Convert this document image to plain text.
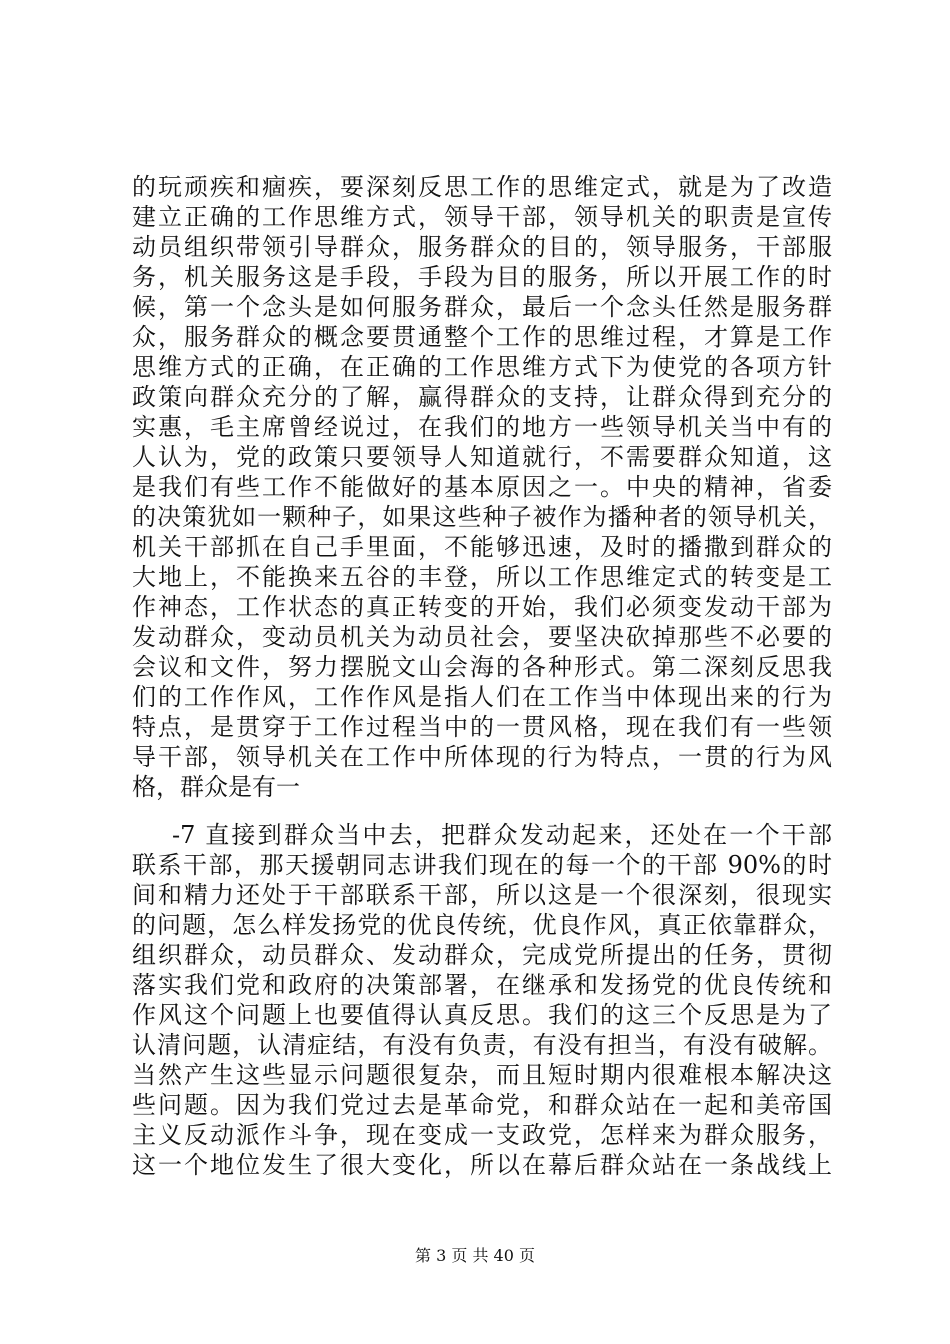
的玩顽疾和痼疾，要深刻反思工作的思维定式，就是为了改造
建立正确的工作思维方式，领导干部，领导机关的职责是宣传
动员组织带领引导群众，服务群众的目的，领导服务，干部服
务，机关服务这是手段，手段为目的服务，所以开展工作的时
候，第一个念头是如何服务群众，最后一个念头任然是服务群
众，服务群众的概念要贯通整个工作的思维过程，才算是工作
思维方式的正确，在正确的工作思维方式下为使党的各项方针
政策向群众充分的了解，赢得群众的支持，让群众得到充分的
实惠，毛主席曾经说过，在我们的地方一些领导机关当中有的
人认为，党的政策只要领导人知道就行，不需要群众知道，这
是我们有些工作不能做好的基本原因之一。中央的精神，省委
的决策犹如一颗种子，如果这些种子被作为播种者的领导机关，
机关干部抓在自己手里面，不能够迅速，及时的播撒到群众的
大地上，不能换来五谷的丰登，所以工作思维定式的转变是工
作神态，工作状态的真正转变的开始，我们必须变发动干部为
发动群众，变动员机关为动员社会，要坚决砍掉那些不必要的
会议和文件，努力摆脱文山会海的各种形式。第二深刻反思我
们的工作作风，工作作风是指人们在工作当中体现出来的行为
特点，是贯穿于工作过程当中的一贯风格，现在我们有一些领
导干部，领导机关在工作中所体现的行为特点，一贯的行为风
格，群众是有一
-7 直接到群众当中去，把群众发动起来，还处在一个干部
联系干部，那天援朝同志讲我们现在的每一个的干部 90%的时
间和精力还处于干部联系干部，所以这是一个很深刻，很现实
的问题，怎么样发扬党的优良传统，优良作风，真正依靠群众，
组织群众，动员群众、发动群众，完成党所提出的任务，贯彻
落实我们党和政府的决策部署，在继承和发扬党的优良传统和
作风这个问题上也要值得认真反思。我们的这三个反思是为了
认清问题，认清症结，有没有负责，有没有担当，有没有破解。
当然产生这些显示问题很复杂，而且短时期内很难根本解决这
些问题。因为我们党过去是革命党，和群众站在一起和美帝国
主义反动派作斗争，现在变成一支政党，怎样来为群众服务，
这一个地位发生了很大变化，所以在幕后群众站在一条战线上
第 3 页 共 40 页
